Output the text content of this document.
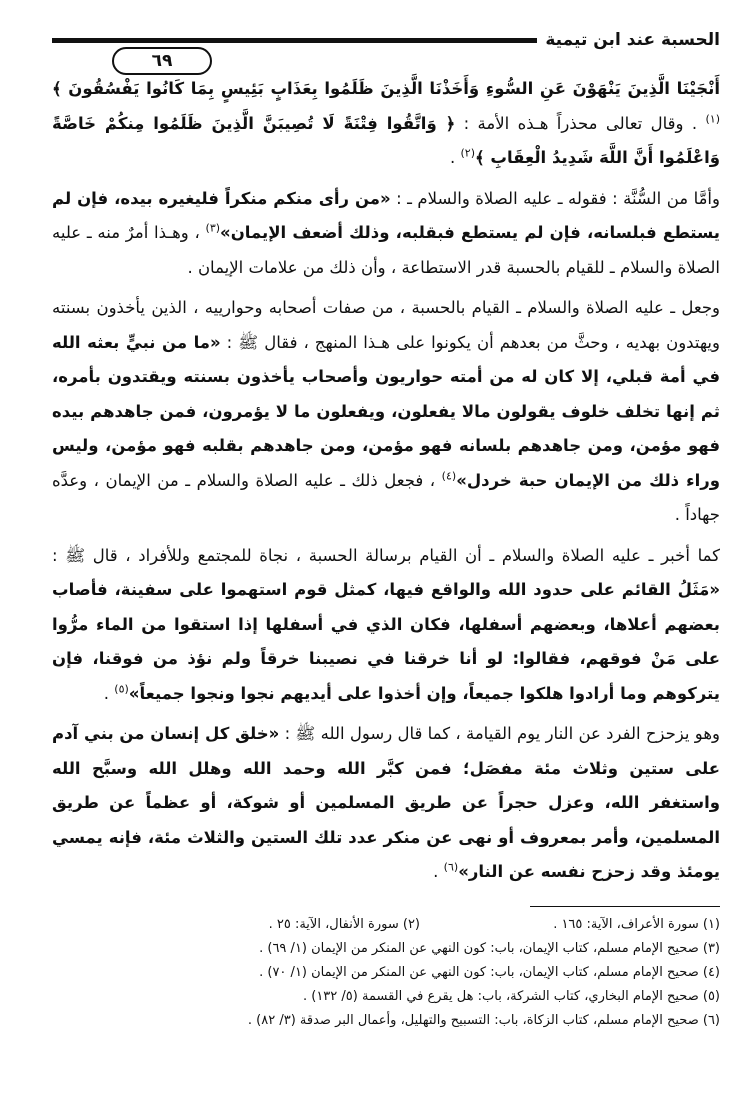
الحسبة عند ابن تيمية
٦٩

أَنْجَيْنَا الَّذِينَ يَنْهَوْنَ عَنِ السُّوءِ وَأَخَذْنَا الَّذِينَ ظَلَمُوا بِعَذَابٍ بَئِيسٍ بِمَا كَانُوا يَفْسُقُونَ ﴾$^{(١)}$ . وقال تعالى محذراً هـذه الأمة : ﴿ وَاتَّقُوا فِتْنَةً لَا تُصِيبَنَّ الَّذِينَ ظَلَمُوا مِنكُمْ خَاصَّةً وَاعْلَمُوا أَنَّ اللَّهَ شَدِيدُ الْعِقَابِ ﴾$^{(٢)}$ .

وأمَّا من السُّنَّة : فقوله ـ عليه الصلاة والسلام ـ : «من رأى منكم منكراً فليغيره بيده، فإن لم يستطع فبلسانه، فإن لم يستطع فبقلبه، وذلك أضعف الإيمان»$^{(٣)}$ ، وهـذا أمرٌ منه ـ عليه الصلاة والسلام ـ للقيام بالحسبة قدر الاستطاعة ، وأن ذلك من علامات الإيمان .

وجعل ـ عليه الصلاة والسلام ـ القيام بالحسبة ، من صفات أصحابه وحوارييه ، الذين يأخذون بسنته ويهتدون بهديه ، وحثَّ من بعدهم أن يكونوا على هـذا المنهج ، فقال ﷺ : «ما من نبيٍّ بعثه الله في أمة قبلي، إلا كان له من أمته حواريون وأصحاب يأخذون بسنته ويقتدون بأمره، ثم إنها تخلف خلوف يقولون مالا يفعلون، ويفعلون ما لا يؤمرون، فمن جاهدهم بيده فهو مؤمن، ومن جاهدهم بلسانه فهو مؤمن، ومن جاهدهم بقلبه فهو مؤمن، وليس وراء ذلك من الإيمان حبة خردل»$^{(٤)}$ ، فجعل ذلك ـ عليه الصلاة والسلام ـ من الإيمان ، وعدَّه جهاداً .

كما أخبر ـ عليه الصلاة والسلام ـ أن القيام برسالة الحسبة ، نجاة للمجتمع وللأفراد ، قال ﷺ : «مَثَلُ القائم على حدود الله والواقع فيها، كمثل قوم استهموا على سفينة، فأصاب بعضهم أعلاها، وبعضهم أسفلها، فكان الذي في أسفلها إذا استقوا من الماء مرُّوا على مَنْ فوقهم، فقالوا: لو أنا خرقنا في نصيبنا خرقاً ولم نؤذ من فوقنا، فإن يتركوهم وما أرادوا هلكوا جميعاً، وإن أخذوا على أيديهم نجوا ونجوا جميعاً»$^{(٥)}$ .

وهو يزحزح الفرد عن النار يوم القيامة ، كما قال رسول الله ﷺ : «خلق كل إنسان من بني آدم على ستين وثلاث مئة مفصَل؛ فمن كبَّر الله وحمد الله وهلل الله وسبَّح الله واستغفر الله، وعزل حجراً عن طريق المسلمين أو شوكة، أو عظماً عن طريق المسلمين، وأمر بمعروف أو نهى عن منكر عدد تلك الستين والثلاث مئة، فإنه يمسي يومئذ وقد زحزح نفسه عن النار»$^{(٦)}$ .

(١) سورة الأعراف، الآية: ١٦٥ .
(٢) سورة الأنفال، الآية: ٢٥ .
(٣) صحيح الإمام مسلم، كتاب الإيمان، باب: كون النهي عن المنكر من الإيمان (١/ ٦٩) .
(٤) صحيح الإمام مسلم، كتاب الإيمان، باب: كون النهي عن المنكر من الإيمان (١/ ٧٠) .
(٥) صحيح الإمام البخاري، كتاب الشركة، باب: هل يقرع في القسمة (٥/ ١٣٢) .
(٦) صحيح الإمام مسلم، كتاب الزكاة، باب: التسبيح والتهليل، وأعمال البر صدقة (٣/ ٨٢) .
